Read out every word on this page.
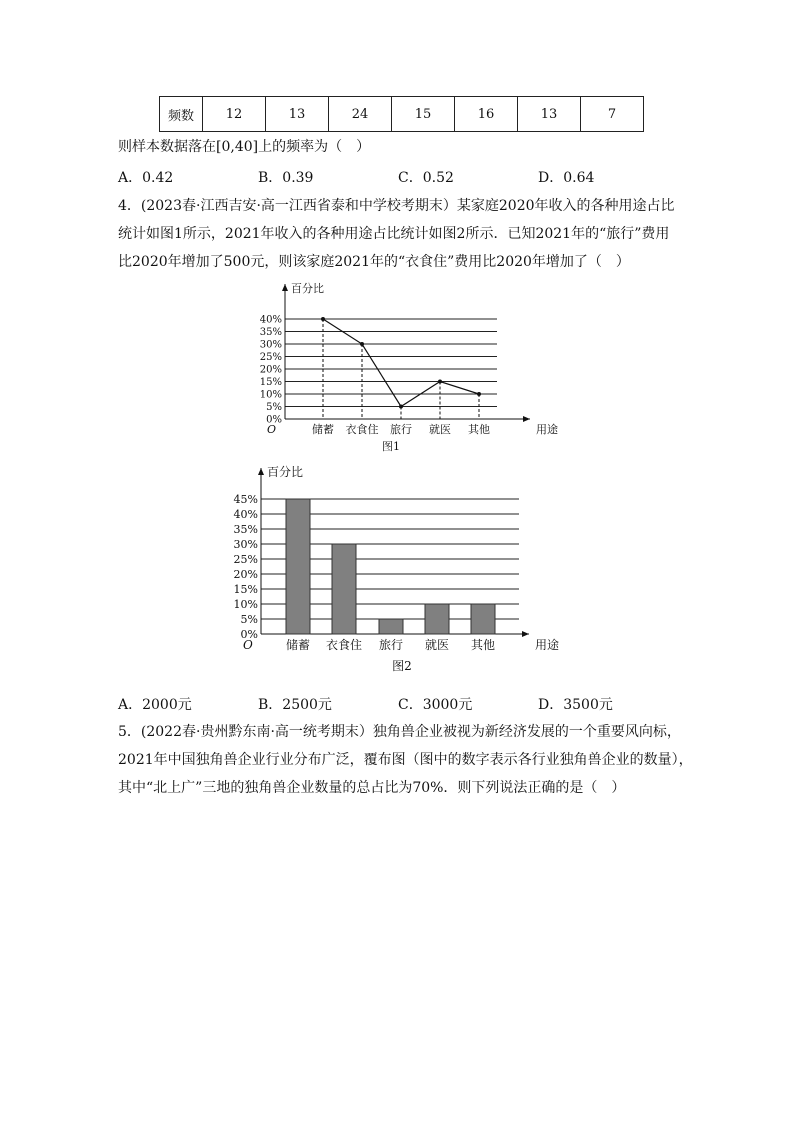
频数	12	13	24	15	16	13	7
则样本数据落在[0,40]上的频率为（　）
A．0.42	B．0.39	C．0.52	D．0.64
4．(2023春·江西吉安·高一江西省泰和中学校考期末）某家庭2020年收入的各种用途占比
统计如图1所示，2021年收入的各种用途占比统计如图2所示．已知2021年的“旅行”费用
比2020年增加了500元，则该家庭2021年的“衣食住”费用比2020年增加了（　）
0%
5%
10%
15%
20%
25%
30%
35%
40%
百分比
用途
O
图1
储蓄 衣食住 旅行 就医 其他
0%
5%
10%
15%
20%
25%
30%
35%
40%
45%
百分比
用途
O
图2
储蓄 衣食住 旅行 就医 其他
A．2000元	B．2500元	C．3000元	D．3500元
5．(2022春·贵州黔东南·高一统考期末）独角兽企业被视为新经济发展的一个重要风向标，
2021年中国独角兽企业行业分布广泛，覆布图（图中的数字表示各行业独角兽企业的数量），
其中“北上广”三地的独角兽企业数量的总占比为70%．则下列说法正确的是（　）
